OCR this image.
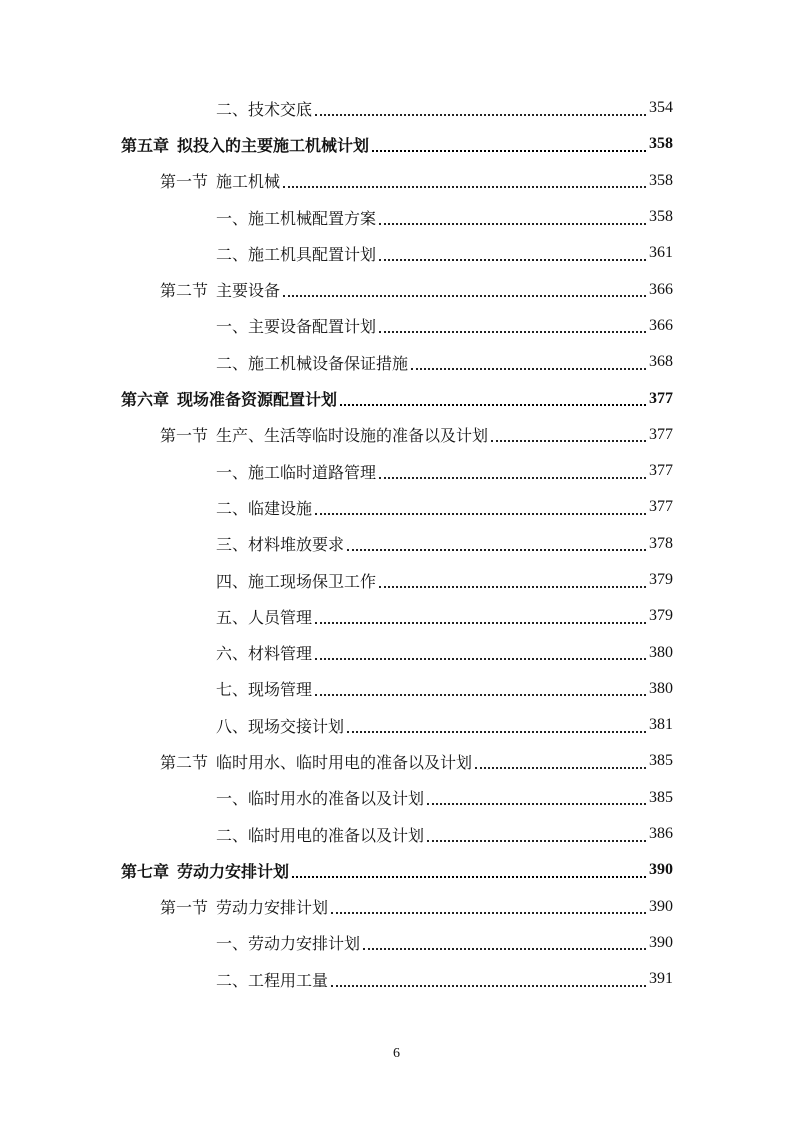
二、技术交底	354
第五章 拟投入的主要施工机械计划	358
第一节 施工机械	358
一、施工机械配置方案	358
二、施工机具配置计划	361
第二节 主要设备	366
一、主要设备配置计划	366
二、施工机械设备保证措施	368
第六章 现场准备资源配置计划	377
第一节 生产、生活等临时设施的准备以及计划	377
一、施工临时道路管理	377
二、临建设施	377
三、材料堆放要求	378
四、施工现场保卫工作	379
五、人员管理	379
六、材料管理	380
七、现场管理	380
八、现场交接计划	381
第二节 临时用水、临时用电的准备以及计划	385
一、临时用水的准备以及计划	385
二、临时用电的准备以及计划	386
第七章 劳动力安排计划	390
第一节 劳动力安排计划	390
一、劳动力安排计划	390
二、工程用工量	391
6
